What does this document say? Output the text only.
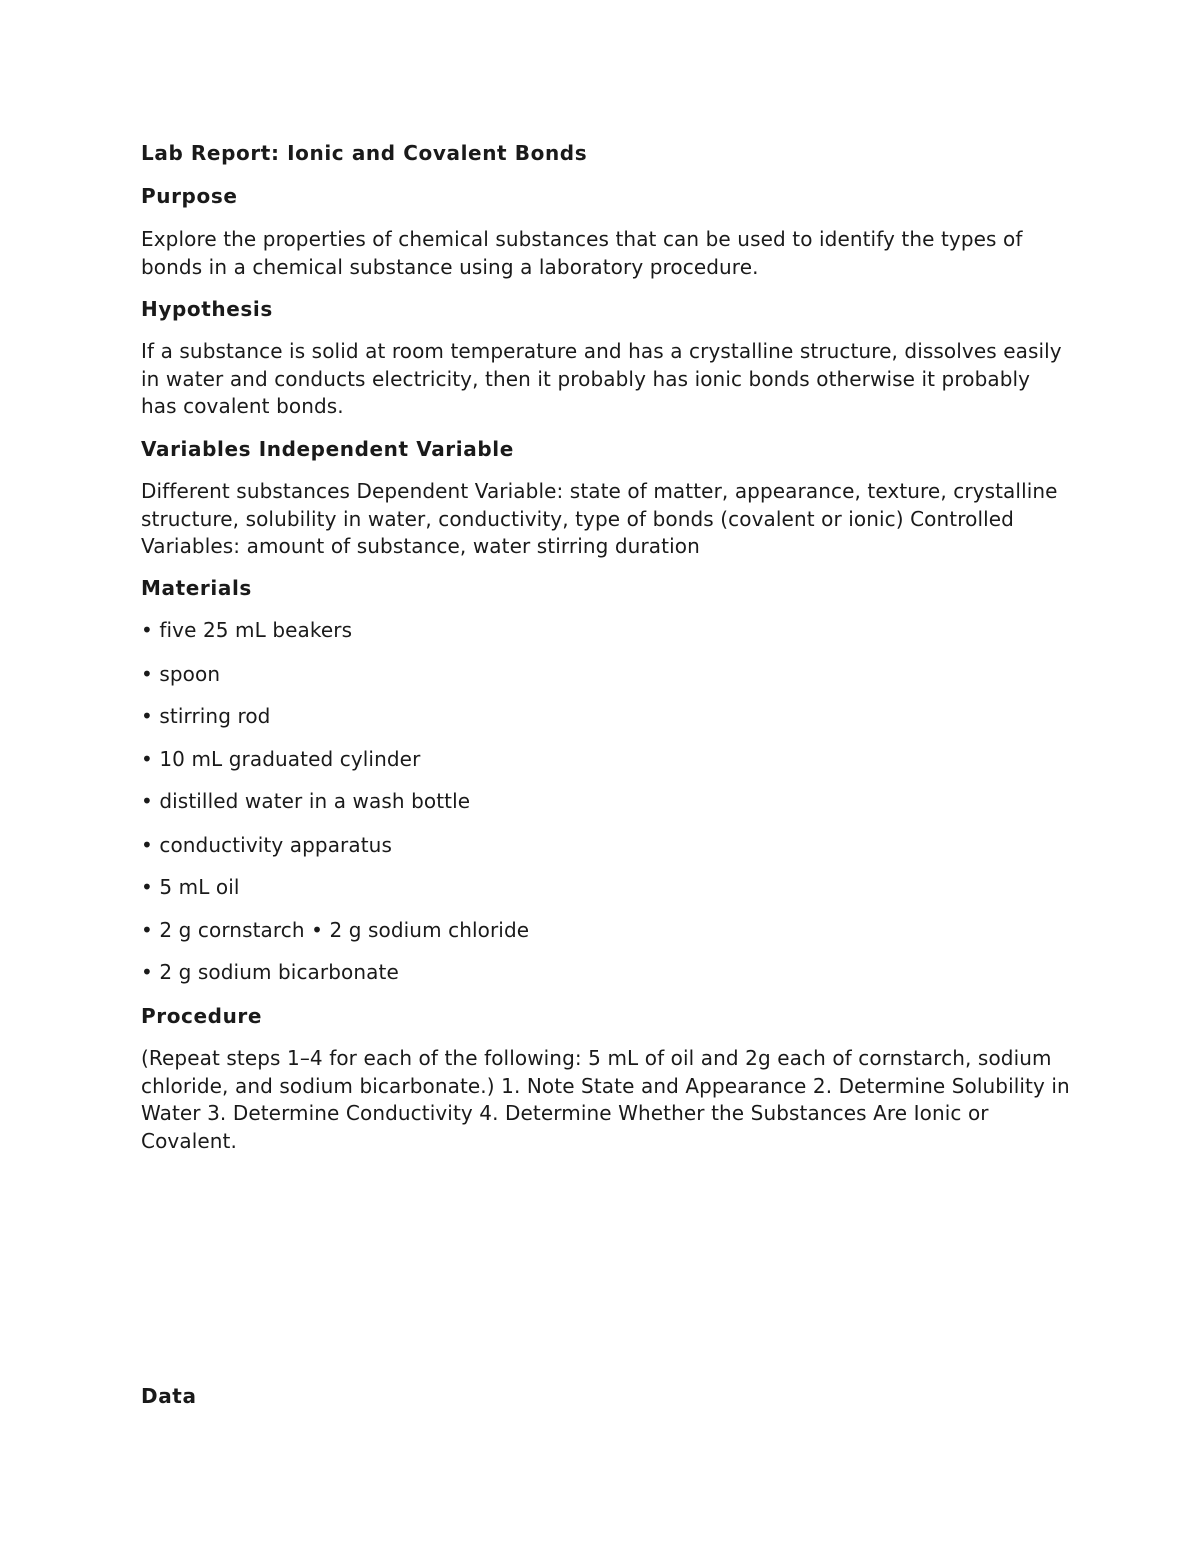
Lab Report: Ionic and Covalent Bonds

Purpose

Explore the properties of chemical substances that can be used to identify the types of bonds in a chemical substance using a laboratory procedure.

Hypothesis

If a substance is solid at room temperature and has a crystalline structure, dissolves easily in water and conducts electricity, then it probably has ionic bonds otherwise it probably has covalent bonds.

Variables Independent Variable

Different substances Dependent Variable: state of matter, appearance, texture, crystalline structure, solubility in water, conductivity, type of bonds (covalent or ionic) Controlled Variables: amount of substance, water stirring duration

Materials

• five 25 mL beakers

• spoon

• stirring rod

• 10 mL graduated cylinder

• distilled water in a wash bottle

• conductivity apparatus

• 5 mL oil

• 2 g cornstarch • 2 g sodium chloride

• 2 g sodium bicarbonate

Procedure

(Repeat steps 1–4 for each of the following: 5 mL of oil and 2g each of cornstarch, sodium chloride, and sodium bicarbonate.) 1. Note State and Appearance 2. Determine Solubility in Water 3. Determine Conductivity 4. Determine Whether the Substances Are Ionic or Covalent.

Data
